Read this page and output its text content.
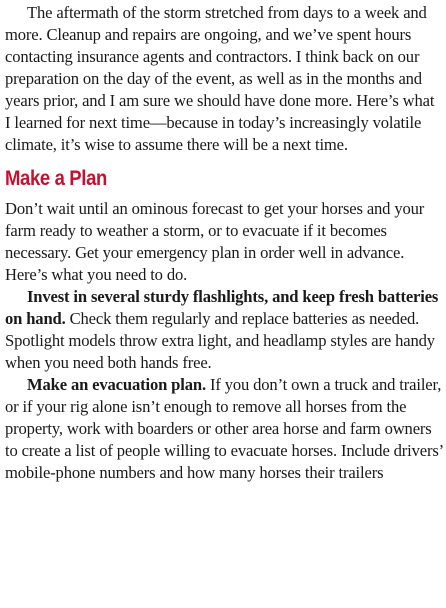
The aftermath of the storm stretched from days to a week and more. Cleanup and repairs are ongoing, and we’ve spent hours contacting insurance agents and contractors. I think back on our preparation on the day of the event, as well as in the months and years prior, and I am sure we should have done more. Here’s what I learned for next time—because in today’s increasingly volatile climate, it’s wise to assume there will be a next time.

Make a Plan

Don’t wait until an ominous forecast to get your horses and your farm ready to weather a storm, or to evacuate if it becomes necessary. Get your emergency plan in order well in advance. Here’s what you need to do.

Invest in several sturdy flashlights, and keep fresh batteries on hand. Check them regularly and replace batteries as needed. Spotlight models throw extra light, and headlamp styles are handy when you need both hands free.

Make an evacuation plan. If you don’t own a truck and trailer, or if your rig alone isn’t enough to remove all horses from the property, work with boarders or other area horse and farm owners to create a list of people willing to evacuate horses. Include drivers’ mobile-phone numbers and how many horses their trailers
